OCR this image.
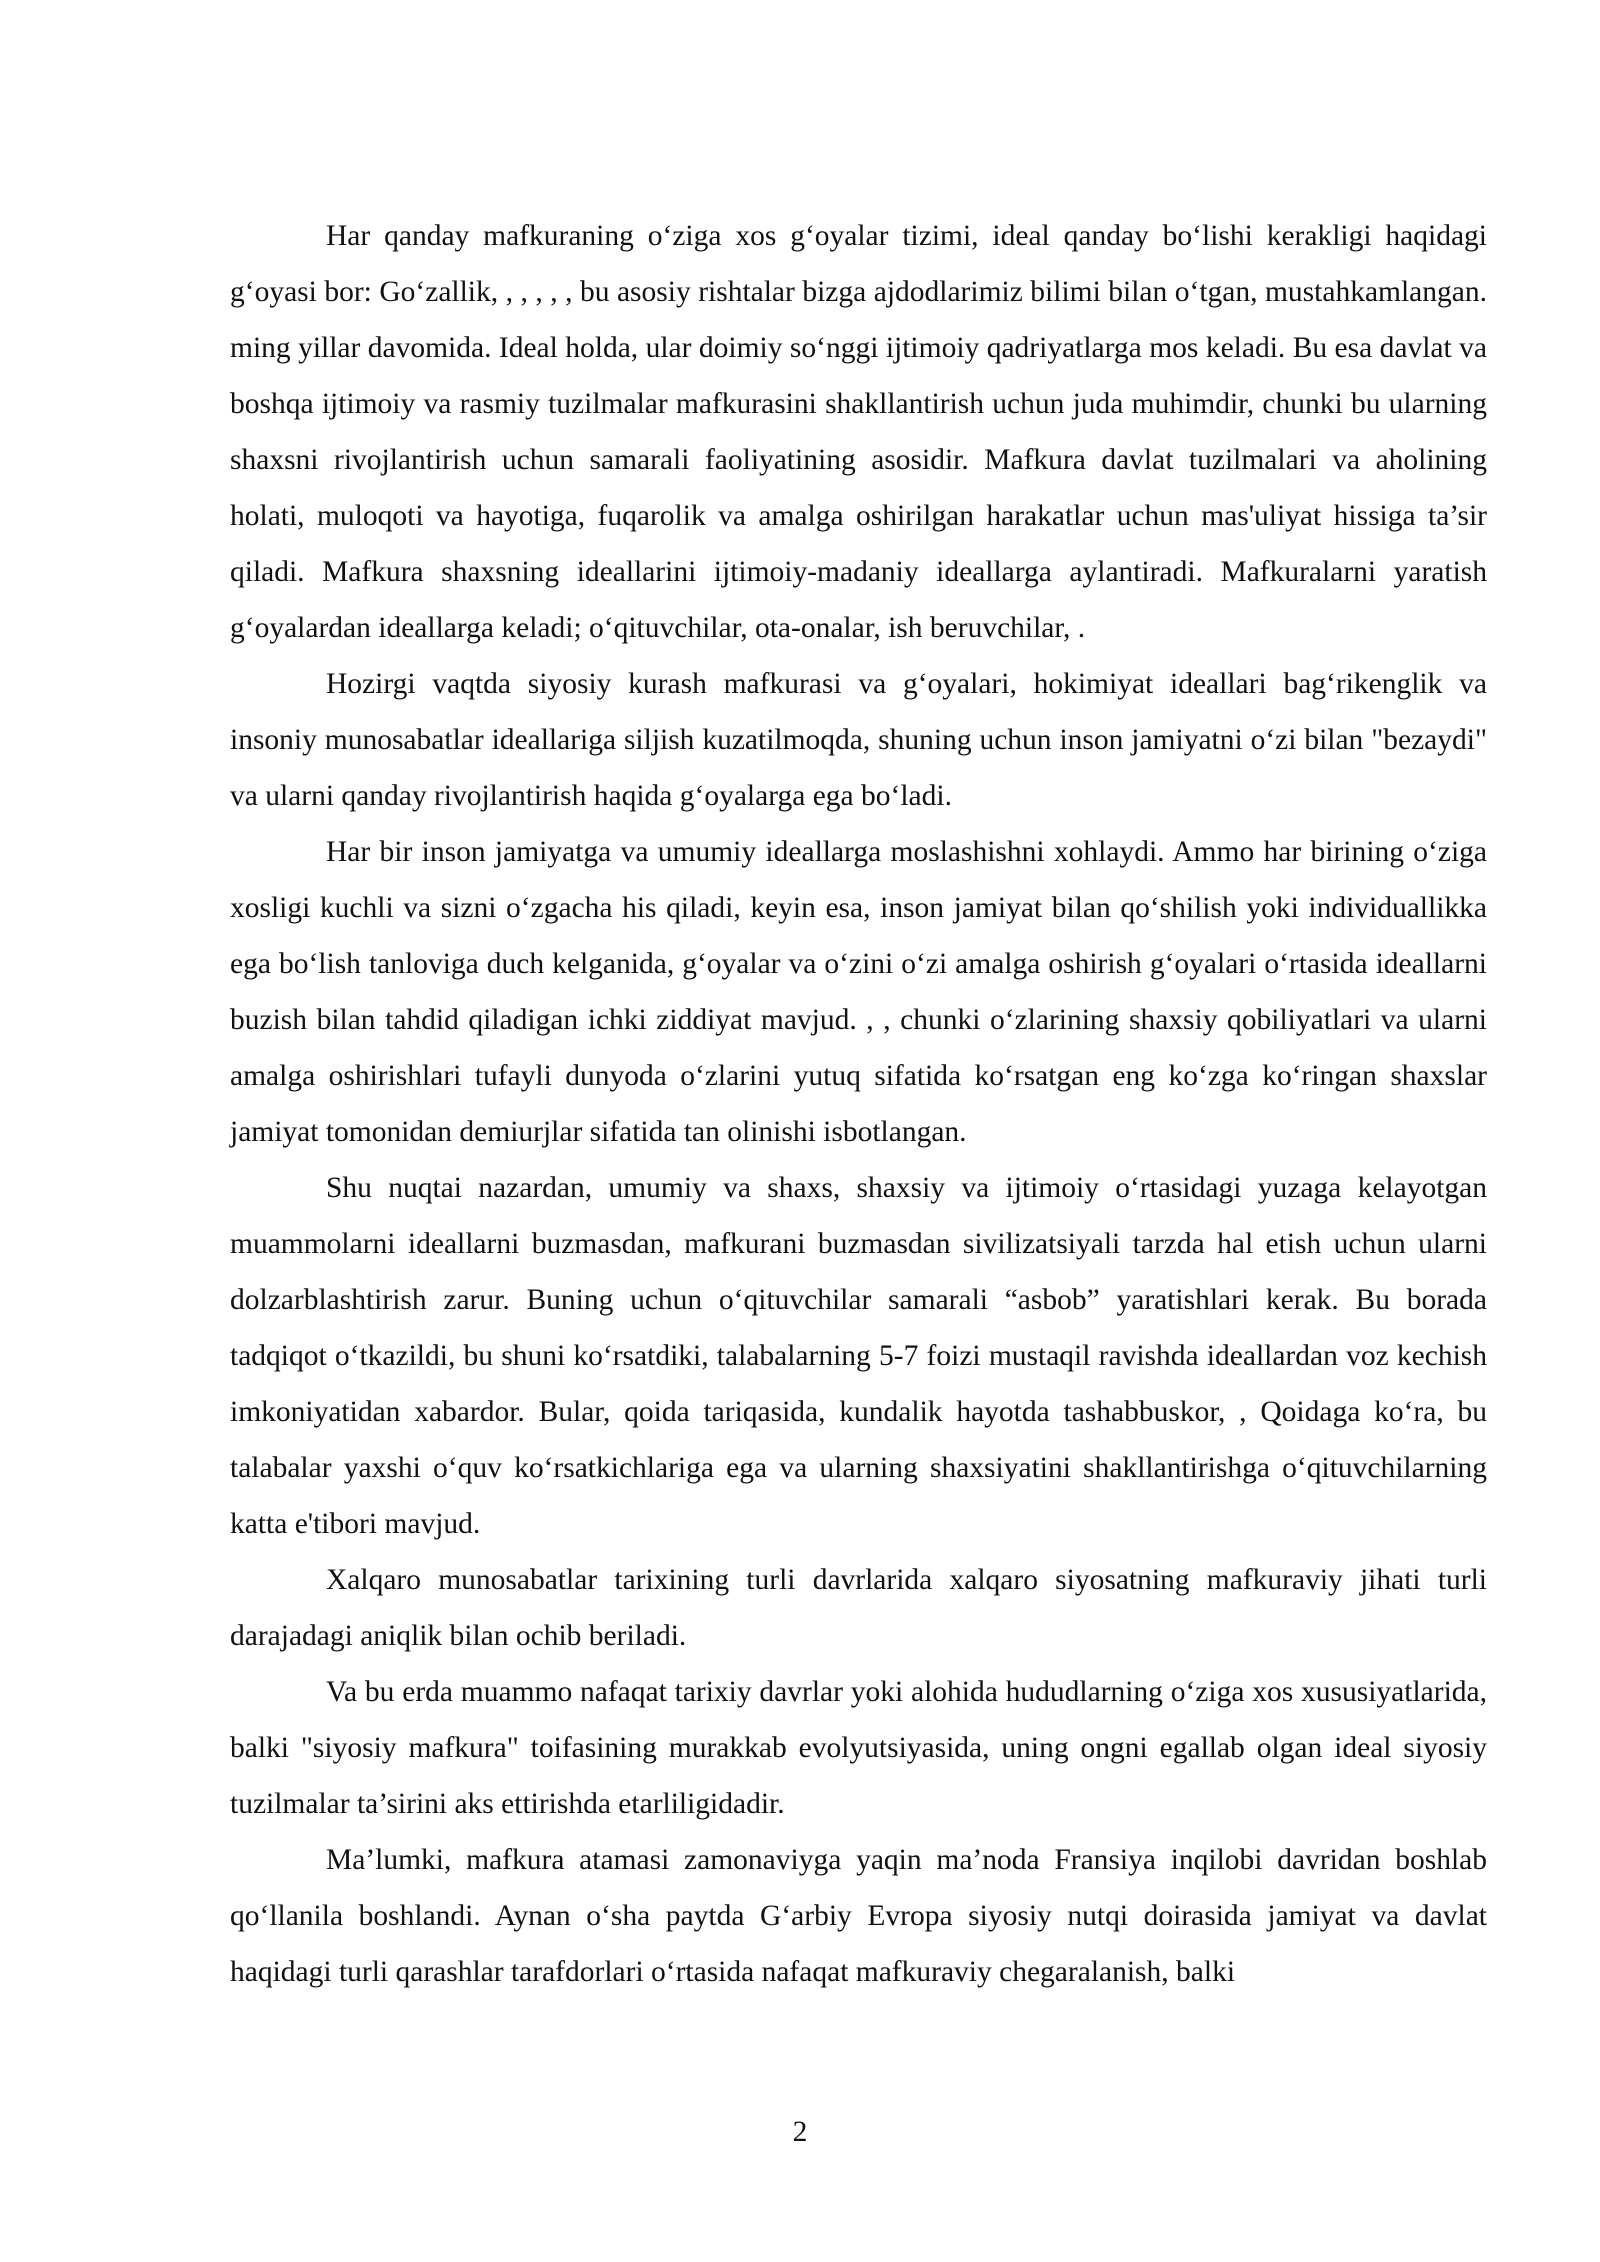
Har qanday mafkuraning o‘ziga xos g‘oyalar tizimi, ideal qanday bo‘lishi kerakligi haqidagi g‘oyasi bor: Go‘zallik, , , , , , bu asosiy rishtalar bizga ajdodlarimiz bilimi bilan o‘tgan, mustahkamlangan. ming yillar davomida. Ideal holda, ular doimiy so‘nggi ijtimoiy qadriyatlarga mos keladi. Bu esa davlat va boshqa ijtimoiy va rasmiy tuzilmalar mafkurasini shakllantirish uchun juda muhimdir, chunki bu ularning shaxsni rivojlantirish uchun samarali faoliyatining asosidir. Mafkura davlat tuzilmalari va aholining holati, muloqoti va hayotiga, fuqarolik va amalga oshirilgan harakatlar uchun mas'uliyat hissiga ta’sir qiladi. Mafkura shaxsning ideallarini ijtimoiy-madaniy ideallarga aylantiradi. Mafkuralarni yaratish g‘oyalardan ideallarga keladi; o‘qituvchilar, ota-onalar, ish beruvchilar, .

Hozirgi vaqtda siyosiy kurash mafkurasi va g‘oyalari, hokimiyat ideallari bag‘rikenglik va insoniy munosabatlar ideallariga siljish kuzatilmoqda, shuning uchun inson jamiyatni o‘zi bilan "bezaydi" va ularni qanday rivojlantirish haqida g‘oyalarga ega bo‘ladi.

Har bir inson jamiyatga va umumiy ideallarga moslashishni xohlaydi. Ammo har birining o‘ziga xosligi kuchli va sizni o‘zgacha his qiladi, keyin esa, inson jamiyat bilan qo‘shilish yoki individuallikka ega bo‘lish tanloviga duch kelganida, g‘oyalar va o‘zini o‘zi amalga oshirish g‘oyalari o‘rtasida ideallarni buzish bilan tahdid qiladigan ichki ziddiyat mavjud. , , chunki o‘zlarining shaxsiy qobiliyatlari va ularni amalga oshirishlari tufayli dunyoda o‘zlarini yutuq sifatida ko‘rsatgan eng ko‘zga ko‘ringan shaxslar jamiyat tomonidan demiurjlar sifatida tan olinishi isbotlangan.

Shu nuqtai nazardan, umumiy va shaxs, shaxsiy va ijtimoiy o‘rtasidagi yuzaga kelayotgan muammolarni ideallarni buzmasdan, mafkurani buzmasdan sivilizatsiyali tarzda hal etish uchun ularni dolzarblashtirish zarur. Buning uchun o‘qituvchilar samarali “asbob” yaratishlari kerak. Bu borada tadqiqot o‘tkazildi, bu shuni ko‘rsatdiki, talabalarning 5-7 foizi mustaqil ravishda ideallardan voz kechish imkoniyatidan xabardor. Bular, qoida tariqasida, kundalik hayotda tashabbuskor, , Qoidaga ko‘ra, bu talabalar yaxshi o‘quv ko‘rsatkichlariga ega va ularning shaxsiyatini shakllantirishga o‘qituvchilarning katta e'tibori mavjud.

Xalqaro munosabatlar tarixining turli davrlarida xalqaro siyosatning mafkuraviy jihati turli darajadagi aniqlik bilan ochib beriladi.

Va bu erda muammo nafaqat tarixiy davrlar yoki alohida hududlarning o‘ziga xos xususiyatlarida, balki "siyosiy mafkura" toifasining murakkab evolyutsiyasida, uning ongni egallab olgan ideal siyosiy tuzilmalar ta’sirini aks ettirishda etarliligidadir.

Ma’lumki, mafkura atamasi zamonaviyga yaqin ma’noda Fransiya inqilobi davridan boshlab qo‘llanila boshlandi. Aynan o‘sha paytda G‘arbiy Evropa siyosiy nutqi doirasida jamiyat va davlat haqidagi turli qarashlar tarafdorlari o‘rtasida nafaqat mafkuraviy chegaralanish, balki

2
